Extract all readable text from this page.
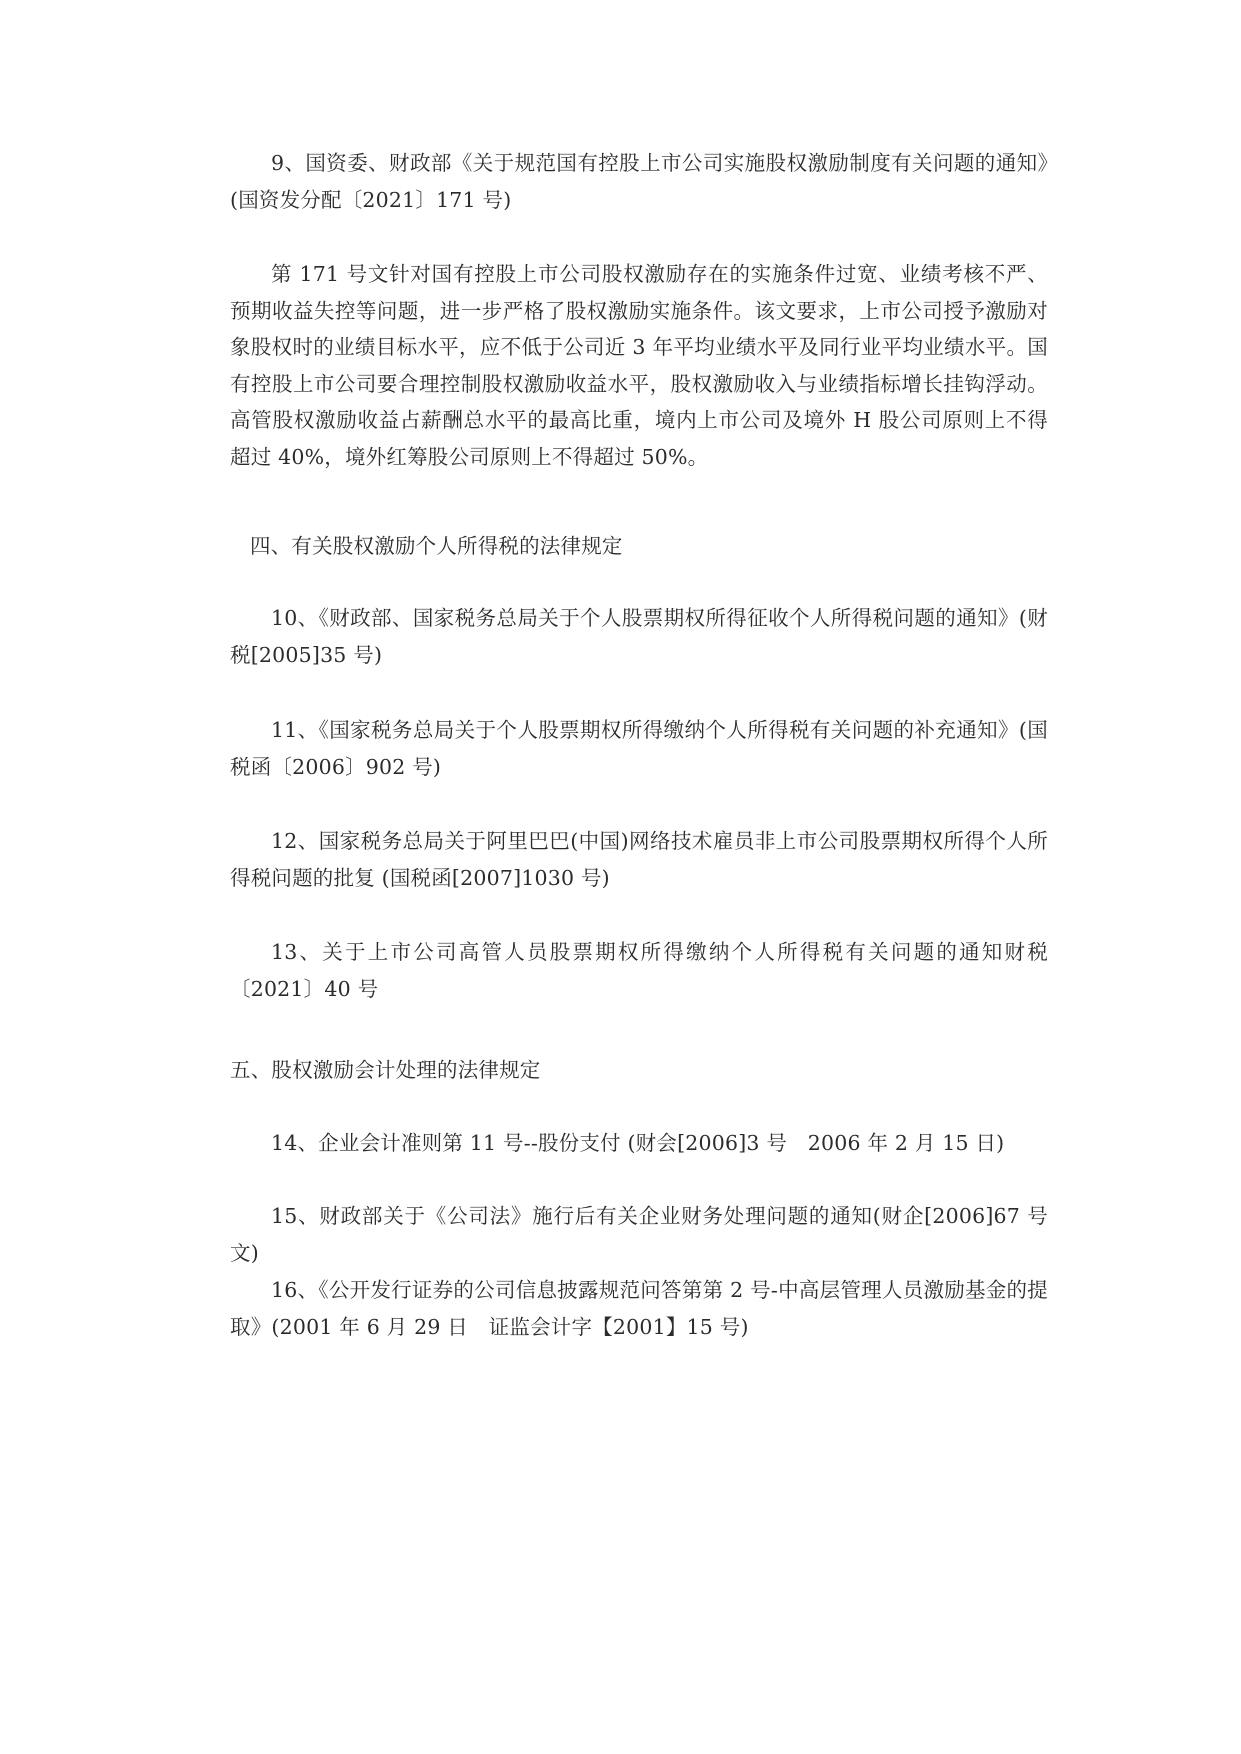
9、国资委、财政部《关于规范国有控股上市公司实施股权激励制度有关问题的通知》(国资发分配〔2021〕171 号)

第 171 号文针对国有控股上市公司股权激励存在的实施条件过宽、业绩考核不严、预期收益失控等问题，进一步严格了股权激励实施条件。该文要求，上市公司授予激励对象股权时的业绩目标水平，应不低于公司近 3 年平均业绩水平及同行业平均业绩水平。国有控股上市公司要合理控制股权激励收益水平，股权激励收入与业绩指标增长挂钩浮动。高管股权激励收益占薪酬总水平的最高比重，境内上市公司及境外 H 股公司原则上不得超过 40%，境外红筹股公司原则上不得超过 50%。

四、有关股权激励个人所得税的法律规定

10、《财政部、国家税务总局关于个人股票期权所得征收个人所得税问题的通知》(财税[2005]35 号)

11、《国家税务总局关于个人股票期权所得缴纳个人所得税有关问题的补充通知》(国税函〔2006〕902 号)

12、国家税务总局关于阿里巴巴(中国)网络技术雇员非上市公司股票期权所得个人所得税问题的批复 (国税函[2007]1030 号)

13、关于上市公司高管人员股票期权所得缴纳个人所得税有关问题的通知财税〔2021〕40 号

五、股权激励会计处理的法律规定

14、企业会计准则第 11 号--股份支付 (财会[2006]3 号　2006 年 2 月 15 日)

15、财政部关于《公司法》施行后有关企业财务处理问题的通知(财企[2006]67 号文)

16、《公开发行证券的公司信息披露规范问答第第 2 号-中高层管理人员激励基金的提取》(2001 年 6 月 29 日　证监会计字【2001】15 号)
